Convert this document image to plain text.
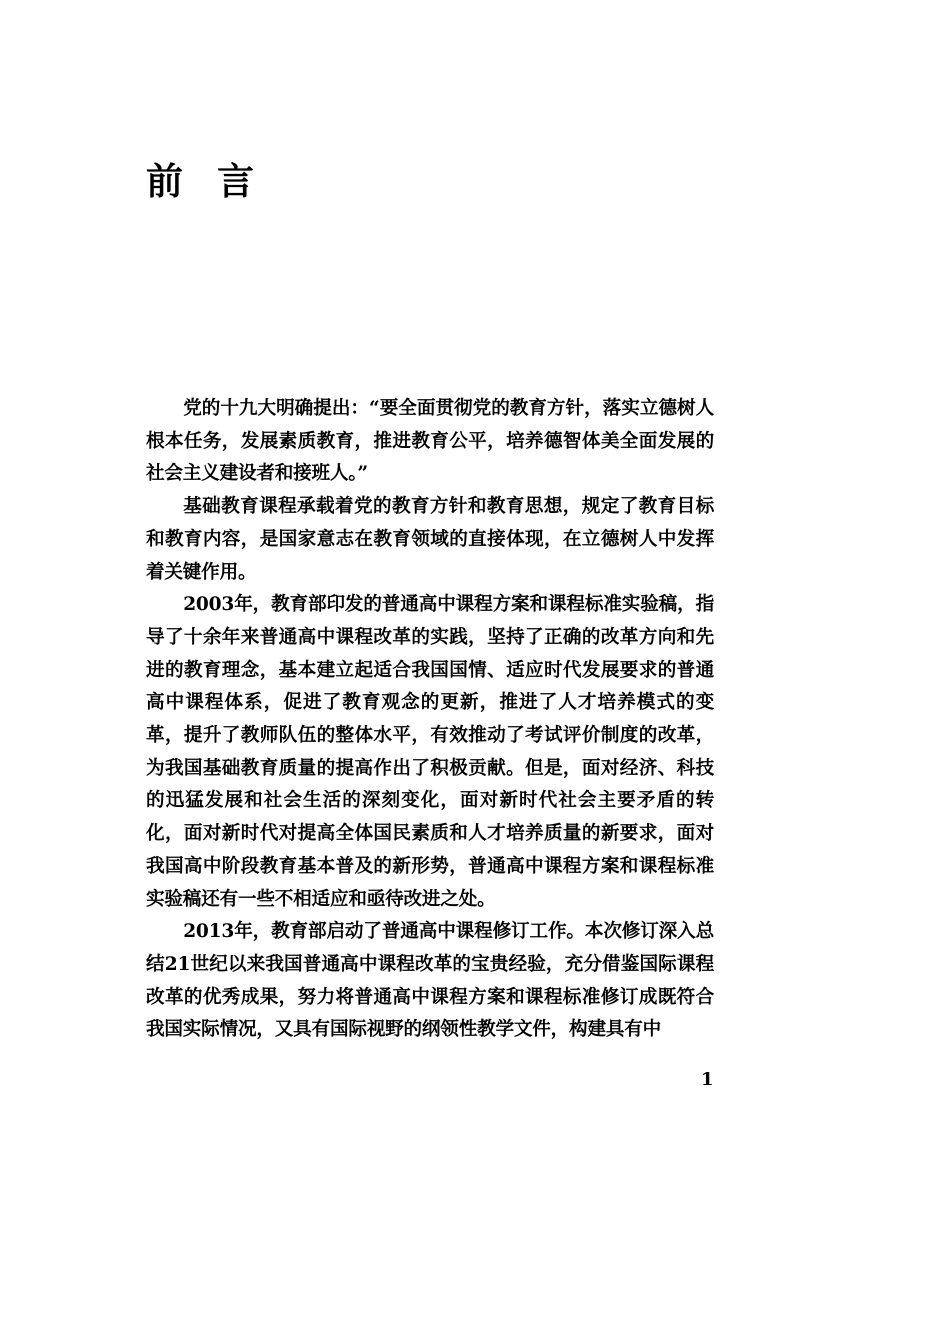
前言

党的十九大明确提出：“要全面贯彻党的教育方针，落实立德树人根本任务，发展素质教育，推进教育公平，培养德智体美全面发展的社会主义建设者和接班人。”

基础教育课程承载着党的教育方针和教育思想，规定了教育目标和教育内容，是国家意志在教育领域的直接体现，在立德树人中发挥着关键作用。

2003年，教育部印发的普通高中课程方案和课程标准实验稿，指导了十余年来普通高中课程改革的实践，坚持了正确的改革方向和先进的教育理念，基本建立起适合我国国情、适应时代发展要求的普通高中课程体系，促进了教育观念的更新，推进了人才培养模式的变革，提升了教师队伍的整体水平，有效推动了考试评价制度的改革，为我国基础教育质量的提高作出了积极贡献。但是，面对经济、科技的迅猛发展和社会生活的深刻变化，面对新时代社会主要矛盾的转化，面对新时代对提高全体国民素质和人才培养质量的新要求，面对我国高中阶段教育基本普及的新形势，普通高中课程方案和课程标准实验稿还有一些不相适应和亟待改进之处。

2013年，教育部启动了普通高中课程修订工作。本次修订深入总结21世纪以来我国普通高中课程改革的宝贵经验，充分借鉴国际课程改革的优秀成果，努力将普通高中课程方案和课程标准修订成既符合我国实际情况，又具有国际视野的纲领性教学文件，构建具有中

1
